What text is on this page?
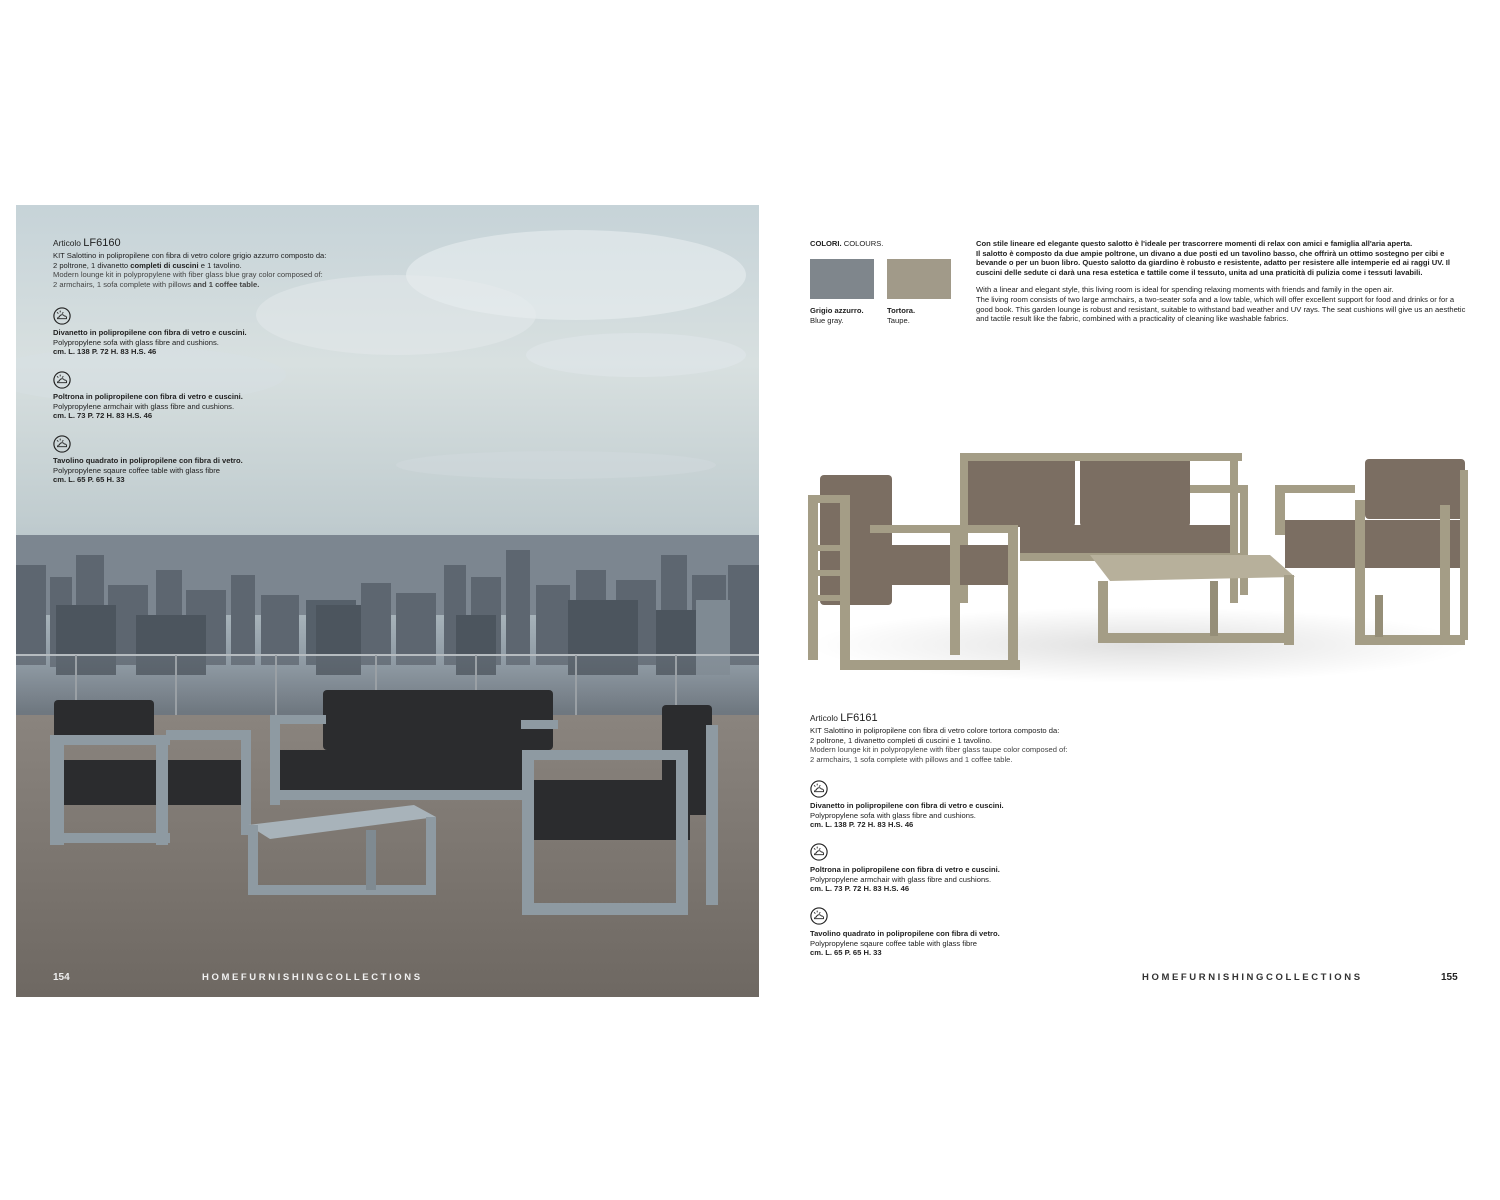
Articolo LF6160
KIT Salottino in polipropilene con fibra di vetro colore grigio azzurro composto da:
2 poltrone, 1 divanetto completi di cuscini e 1 tavolino.
Modern lounge kit in polypropylene with fiber glass blue gray color composed of:
2 armchairs, 1 sofa complete with pillows and 1 coffee table.
Divanetto in polipropilene con fibra di vetro e cuscini.
Polypropylene sofa with glass fibre and cushions.
cm. L. 138 P. 72 H. 83 H.S. 46
Poltrona in polipropilene con fibra di vetro e cuscini.
Polypropylene armchair with glass fibre and cushions.
cm. L. 73 P. 72 H. 83 H.S. 46
Tavolino quadrato in polipropilene con fibra di vetro.
Polypropylene sqaure coffee table with glass fibre
cm. L. 65 P. 65 H. 33
154	HOMEFURNISHINGCOLLECTIONS
COLORI. COLOURS.
Grigio azzurro.
Blue gray.
Tortora.
Taupe.
Con stile lineare ed elegante questo salotto è l'ideale per trascorrere momenti di relax con amici e famiglia all'aria aperta.
Il salotto è composto da due ampie poltrone, un divano a due posti ed un tavolino basso, che offrirà un ottimo sostegno per cibi e bevande o per un buon libro. Questo salotto da giardino è robusto e resistente, adatto per resistere alle intemperie ed ai raggi UV. Il cuscini delle sedute ci darà una resa estetica e tattile come il tessuto, unita ad una praticità di pulizia come i tessuti lavabili.
With a linear and elegant style, this living room is ideal for spending relaxing moments with friends and family in the open air.
The living room consists of two large armchairs, a two-seater sofa and a low table, which will offer excellent support for food and drinks or for a good book. This garden lounge is robust and resistant, suitable to withstand bad weather and UV rays. The seat cushions will give us an aesthetic and tactile result like the fabric, combined with a practicality of cleaning like washable fabrics.
Articolo LF6161
KIT Salottino in polipropilene con fibra di vetro colore tortora composto da:
2 poltrone, 1 divanetto completi di cuscini e 1 tavolino.
Modern lounge kit in polypropylene with fiber glass taupe color composed of:
2 armchairs, 1 sofa complete with pillows and 1 coffee table.
Divanetto in polipropilene con fibra di vetro e cuscini.
Polypropylene sofa with glass fibre and cushions.
cm. L. 138 P. 72 H. 83 H.S. 46
Poltrona in polipropilene con fibra di vetro e cuscini.
Polypropylene armchair with glass fibre and cushions.
cm. L. 73 P. 72 H. 83 H.S. 46
Tavolino quadrato in polipropilene con fibra di vetro.
Polypropylene sqaure coffee table with glass fibre
cm. L. 65 P. 65 H. 33
HOMEFURNISHINGCOLLECTIONS	155
